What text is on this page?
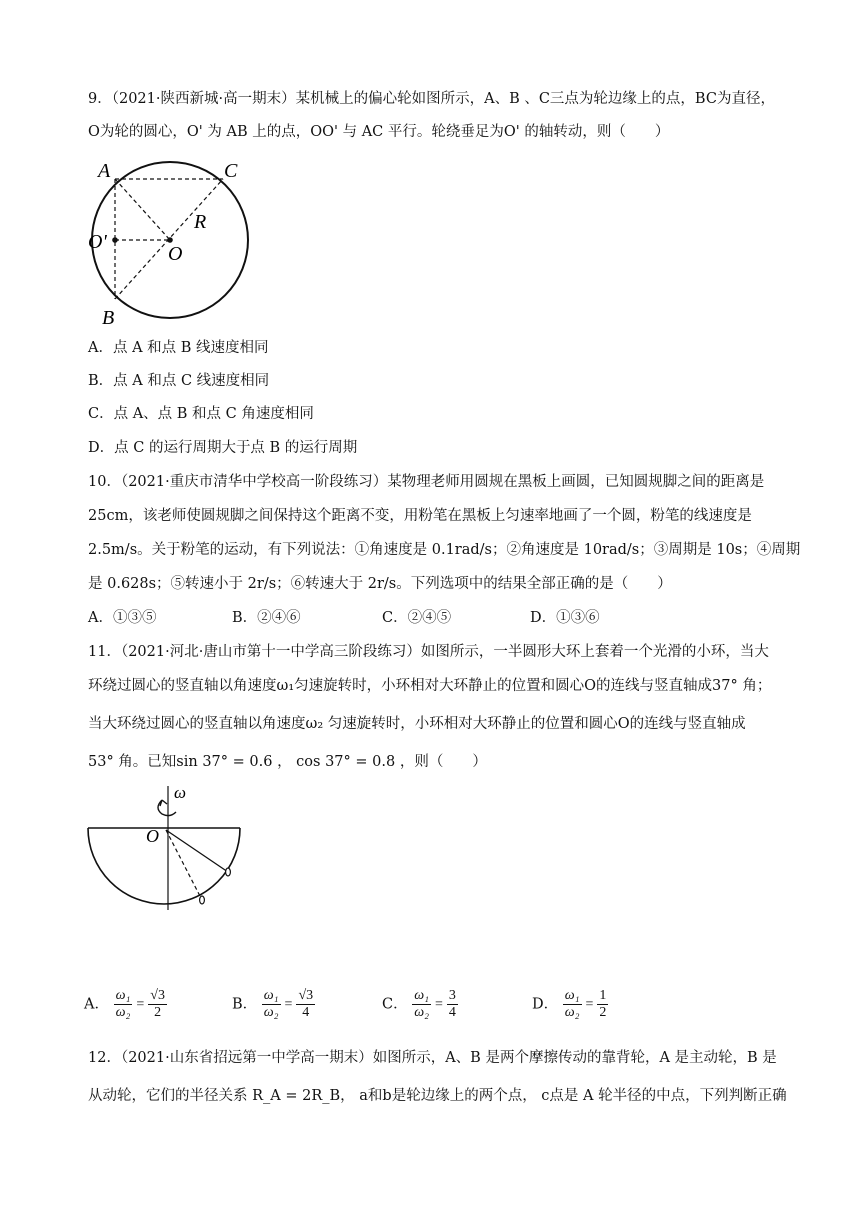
9．（2021·陕西新城·高一期末）某机械上的偏心轮如图所示，A、B 、C三点为轮边缘上的点，BC为直径，
O为轮的圆心，O' 为 AB 上的点，OO' 与 AC 平行。轮绕垂足为O' 的轴转动，则（　　）
A	C
O'
O
R
B
A．点 A 和点 B 线速度相同
B．点 A 和点 C 线速度相同
C．点 A、点 B 和点 C 角速度相同
D．点 C 的运行周期大于点 B 的运行周期
10．（2021·重庆市清华中学校高一阶段练习）某物理老师用圆规在黑板上画圆，已知圆规脚之间的距离是
25cm，该老师使圆规脚之间保持这个距离不变，用粉笔在黑板上匀速率地画了一个圆，粉笔的线速度是
2.5m/s。关于粉笔的运动，有下列说法：①角速度是 0.1rad/s；②角速度是 10rad/s；③周期是 10s；④周期
是 0.628s；⑤转速小于 2r/s；⑥转速大于 2r/s。下列选项中的结果全部正确的是（　　）
A．①③⑤	B．②④⑥	C．②④⑤	D．①③⑥
11．（2021·河北·唐山市第十一中学高三阶段练习）如图所示，一半圆形大环上套着一个光滑的小环，当大
环绕过圆心的竖直轴以角速度ω₁匀速旋转时，小环相对大环静止的位置和圆心O的连线与竖直轴成37° 角；
当大环绕过圆心的竖直轴以角速度ω₂ 匀速旋转时，小环相对大环静止的位置和圆心O的连线与竖直轴成
53° 角。已知sin 37° = 0.6 ， cos 37° = 0.8 ，则（　　）
ω
O
A． $\frac{\text{ω₁}}{\text{ω₂}} = \frac{√3}{2}$	B． $\frac{\text{ω₁}}{\text{ω₂}} = \frac{√3}{4}$	C． $\frac{\text{ω₁}}{\text{ω₂}} = \frac{3}{4}$	D． $\frac{\text{ω₁}}{\text{ω₂}} = \frac{1}{2}$
12．（2021·山东省招远第一中学高一期末）如图所示，A、B 是两个摩擦传动的靠背轮，A 是主动轮，B 是
从动轮，它们的半径关系 R_A = 2R_B， a和b是轮边缘上的两个点， c点是 A 轮半径的中点，下列判断正确
